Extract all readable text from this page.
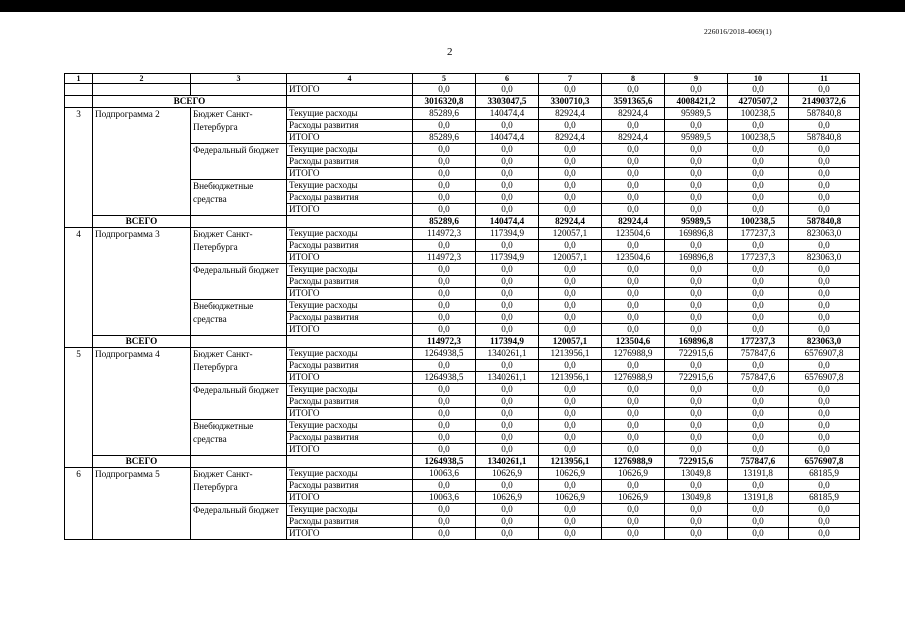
226016/2018-4069(1)
2
1	2	3	4	5	6	7	8	9	10	11
			ИТОГО	0,0	0,0	0,0	0,0	0,0	0,0	0,0
	ВСЕГО			3016320,8	3303047,5	3300710,3	3591365,6	4008421,2	4270507,2	21490372,6
3	Подпрограмма 2	Бюджет Санкт-Петербурга	Текущие расходы	85289,6	140474,4	82924,4	82924,4	95989,5	100238,5	587840,8
			Расходы развития	0,0	0,0	0,0	0,0	0,0	0,0	0,0
			ИТОГО	85289,6	140474,4	82924,4	82924,4	95989,5	100238,5	587840,8
		Федеральный бюджет	Текущие расходы	0,0	0,0	0,0	0,0	0,0	0,0	0,0
			Расходы развития	0,0	0,0	0,0	0,0	0,0	0,0	0,0
			ИТОГО	0,0	0,0	0,0	0,0	0,0	0,0	0,0
		Внебюджетные средства	Текущие расходы	0,0	0,0	0,0	0,0	0,0	0,0	0,0
			Расходы развития	0,0	0,0	0,0	0,0	0,0	0,0	0,0
			ИТОГО	0,0	0,0	0,0	0,0	0,0	0,0	0,0
	ВСЕГО			85289,6	140474,4	82924,4	82924,4	95989,5	100238,5	587840,8
4	Подпрограмма 3	Бюджет Санкт-Петербурга	Текущие расходы	114972,3	117394,9	120057,1	123504,6	169896,8	177237,3	823063,0
			Расходы развития	0,0	0,0	0,0	0,0	0,0	0,0	0,0
			ИТОГО	114972,3	117394,9	120057,1	123504,6	169896,8	177237,3	823063,0
		Федеральный бюджет	Текущие расходы	0,0	0,0	0,0	0,0	0,0	0,0	0,0
			Расходы развития	0,0	0,0	0,0	0,0	0,0	0,0	0,0
			ИТОГО	0,0	0,0	0,0	0,0	0,0	0,0	0,0
		Внебюджетные средства	Текущие расходы	0,0	0,0	0,0	0,0	0,0	0,0	0,0
			Расходы развития	0,0	0,0	0,0	0,0	0,0	0,0	0,0
			ИТОГО	0,0	0,0	0,0	0,0	0,0	0,0	0,0
	ВСЕГО			114972,3	117394,9	120057,1	123504,6	169896,8	177237,3	823063,0
5	Подпрограмма 4	Бюджет Санкт-Петербурга	Текущие расходы	1264938,5	1340261,1	1213956,1	1276988,9	722915,6	757847,6	6576907,8
			Расходы развития	0,0	0,0	0,0	0,0	0,0	0,0	0,0
			ИТОГО	1264938,5	1340261,1	1213956,1	1276988,9	722915,6	757847,6	6576907,8
		Федеральный бюджет	Текущие расходы	0,0	0,0	0,0	0,0	0,0	0,0	0,0
			Расходы развития	0,0	0,0	0,0	0,0	0,0	0,0	0,0
			ИТОГО	0,0	0,0	0,0	0,0	0,0	0,0	0,0
		Внебюджетные средства	Текущие расходы	0,0	0,0	0,0	0,0	0,0	0,0	0,0
			Расходы развития	0,0	0,0	0,0	0,0	0,0	0,0	0,0
			ИТОГО	0,0	0,0	0,0	0,0	0,0	0,0	0,0
	ВСЕГО			1264938,5	1340261,1	1213956,1	1276988,9	722915,6	757847,6	6576907,8
6	Подпрограмма 5	Бюджет Санкт-Петербурга	Текущие расходы	10063,6	10626,9	10626,9	10626,9	13049,8	13191,8	68185,9
			Расходы развития	0,0	0,0	0,0	0,0	0,0	0,0	0,0
			ИТОГО	10063,6	10626,9	10626,9	10626,9	13049,8	13191,8	68185,9
		Федеральный бюджет	Текущие расходы	0,0	0,0	0,0	0,0	0,0	0,0	0,0
			Расходы развития	0,0	0,0	0,0	0,0	0,0	0,0	0,0
			ИТОГО	0,0	0,0	0,0	0,0	0,0	0,0	0,0
